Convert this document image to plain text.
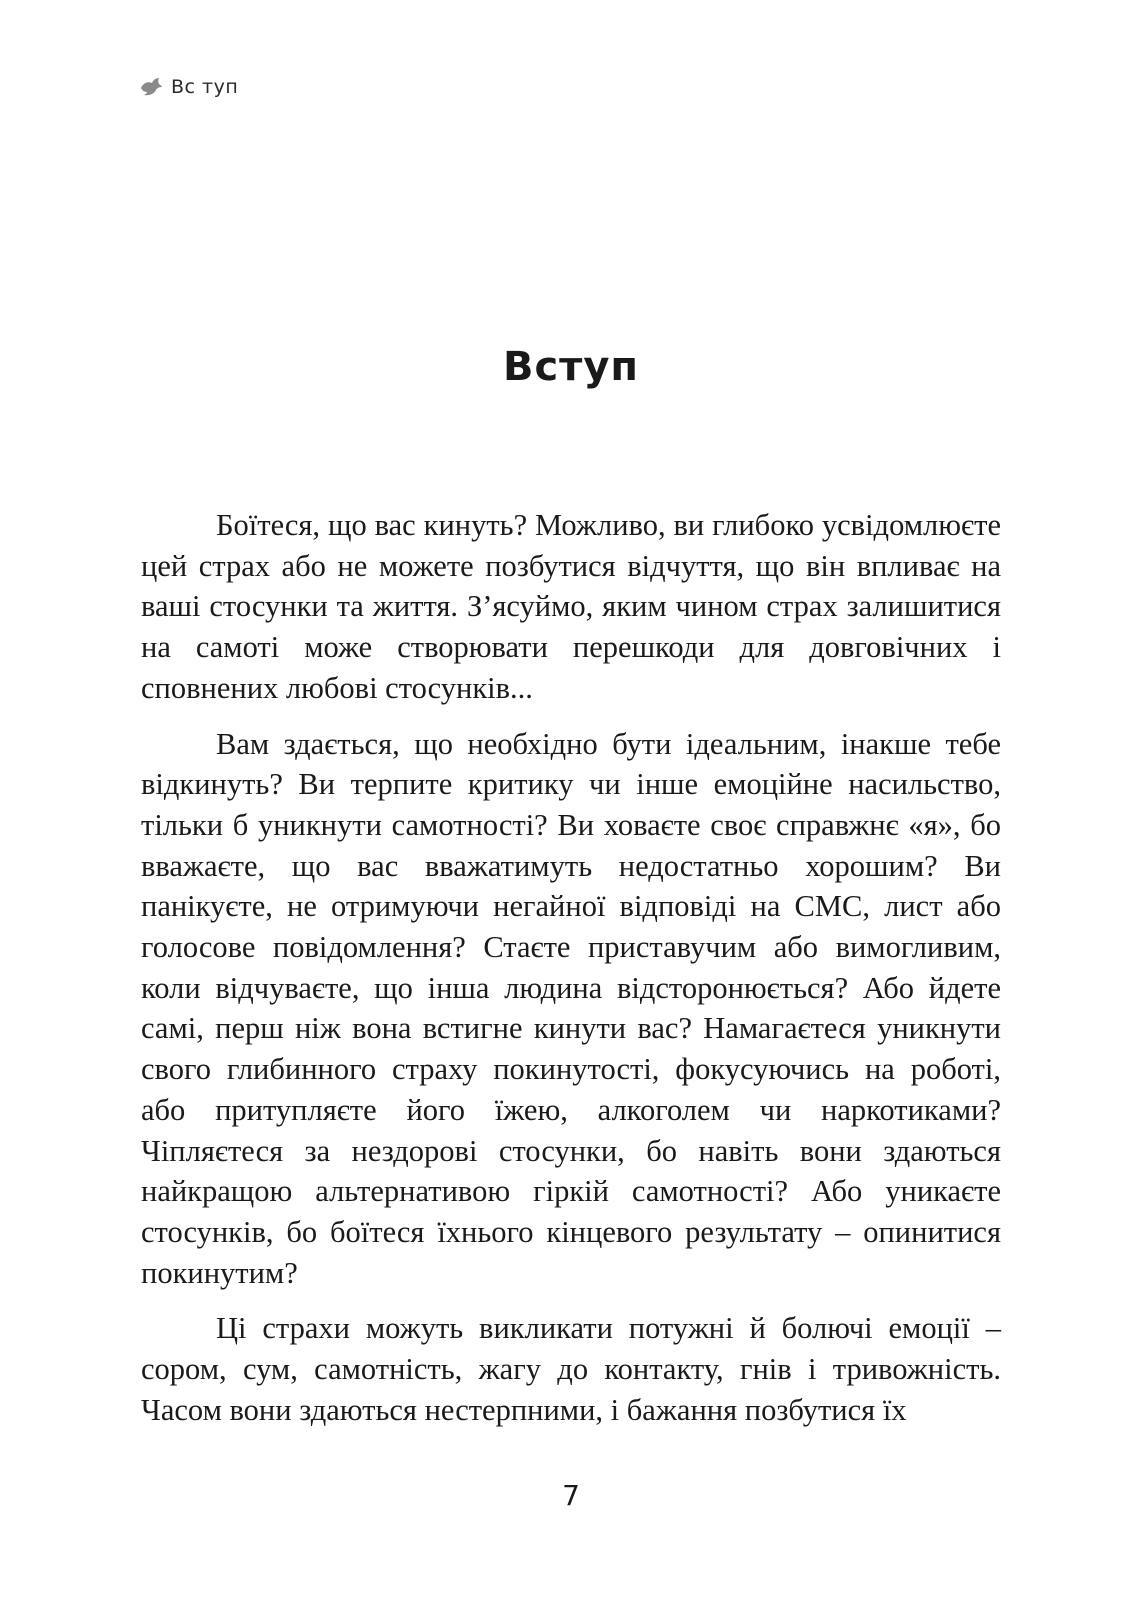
Вс туп
Вступ

Боїтеся, що вас кинуть? Можливо, ви глибоко усвідомлюєте цей страх або не можете позбутися відчуття, що він впливає на ваші стосунки та життя. З’ясуймо, яким чином страх залишитися на самоті може створювати перешкоди для довговічних і сповнених любові стосунків...

Вам здається, що необхідно бути ідеальним, інакше тебе відкинуть? Ви терпите критику чи інше емоційне насильство, тільки б уникнути самотності? Ви ховаєте своє справжнє «я», бо вважаєте, що вас вважатимуть недостатньо хорошим? Ви панікуєте, не отримуючи негайної відповіді на СМС, лист або голосове повідомлення? Стаєте приставучим або вимогливим, коли відчуваєте, що інша людина відсторонюється? Або йдете самі, перш ніж вона встигне кинути вас? Намагаєтеся уникнути свого глибинного страху покинутості, фокусуючись на роботі, або притупляєте його їжею, алкоголем чи наркотиками? Чіпляєтеся за нездорові стосунки, бо навіть вони здаються найкращою альтернативою гіркій самотності? Або уникаєте стосунків, бо боїтеся їхнього кінцевого результату – опинитися покинутим?

Ці страхи можуть викликати потужні й болючі емоції – сором, сум, самотність, жагу до контакту, гнів і тривожність. Часом вони здаються нестерпними, і бажання позбутися їх

7
